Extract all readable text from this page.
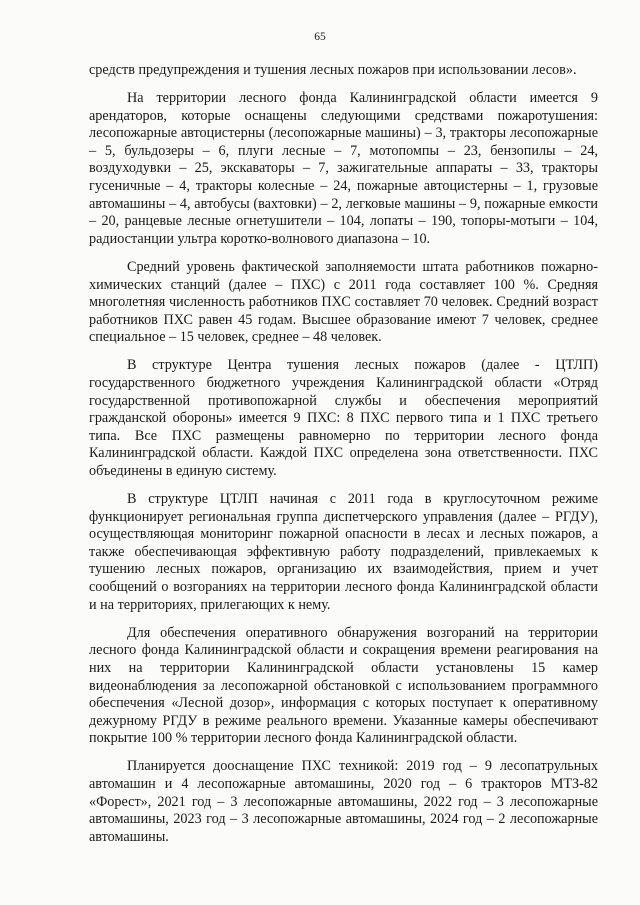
65

средств предупреждения и тушения лесных пожаров при использовании лесов».

На территории лесного фонда Калининградской области имеется 9 арендаторов, которые оснащены следующими средствами пожаротушения: лесопожарные автоцистерны (лесопожарные машины) – 3, тракторы лесопожарные – 5, бульдозеры – 6, плуги лесные – 7, мотопомпы – 23, бензопилы – 24, воздуходувки – 25, экскаваторы – 7, зажигательные аппараты – 33, тракторы гусеничные – 4, тракторы колесные – 24, пожарные автоцистерны – 1, грузовые автомашины – 4, автобусы (вахтовки) – 2, легковые машины – 9, пожарные емкости – 20, ранцевые лесные огнетушители – 104, лопаты – 190, топоры-мотыги – 104, радиостанции ультра коротко-волнового диапазона – 10.

Средний уровень фактической заполняемости штата работников пожарно-химических станций (далее – ПХС) с 2011 года составляет 100 %. Средняя многолетняя численность работников ПХС составляет 70 человек. Средний возраст работников ПХС равен 45 годам. Высшее образование имеют 7 человек, среднее специальное – 15 человек, среднее – 48 человек.

В структуре Центра тушения лесных пожаров (далее - ЦТЛП) государственного бюджетного учреждения Калининградской области «Отряд государственной противопожарной службы и обеспечения мероприятий гражданской обороны» имеется 9 ПХС: 8 ПХС первого типа и 1 ПХС третьего типа. Все ПХС размещены равномерно по территории лесного фонда Калининградской области. Каждой ПХС определена зона ответственности. ПХС объединены в единую систему.

В структуре ЦТЛП начиная с 2011 года в круглосуточном режиме функционирует региональная группа диспетчерского управления (далее – РГДУ), осуществляющая мониторинг пожарной опасности в лесах и лесных пожаров, а также обеспечивающая эффективную работу подразделений, привлекаемых к тушению лесных пожаров, организацию их взаимодействия, прием и учет сообщений о возгораниях на территории лесного фонда Калининградской области и на территориях, прилегающих к нему.

Для обеспечения оперативного обнаружения возгораний на территории лесного фонда Калининградской области и сокращения времени реагирования на них на территории Калининградской области установлены 15 камер видеонаблюдения за лесопожарной обстановкой с использованием программного обеспечения «Лесной дозор», информация с которых поступает к оперативному дежурному РГДУ в режиме реального времени. Указанные камеры обеспечивают покрытие 100 % территории лесного фонда Калининградской области.

Планируется дооснащение ПХС техникой: 2019 год – 9 лесопатрульных автомашин и 4 лесопожарные автомашины, 2020 год – 6 тракторов МТЗ-82 «Форест», 2021 год – 3 лесопожарные автомашины, 2022 год – 3 лесопожарные автомашины, 2023 год – 3 лесопожарные автомашины, 2024 год – 2 лесопожарные автомашины.
